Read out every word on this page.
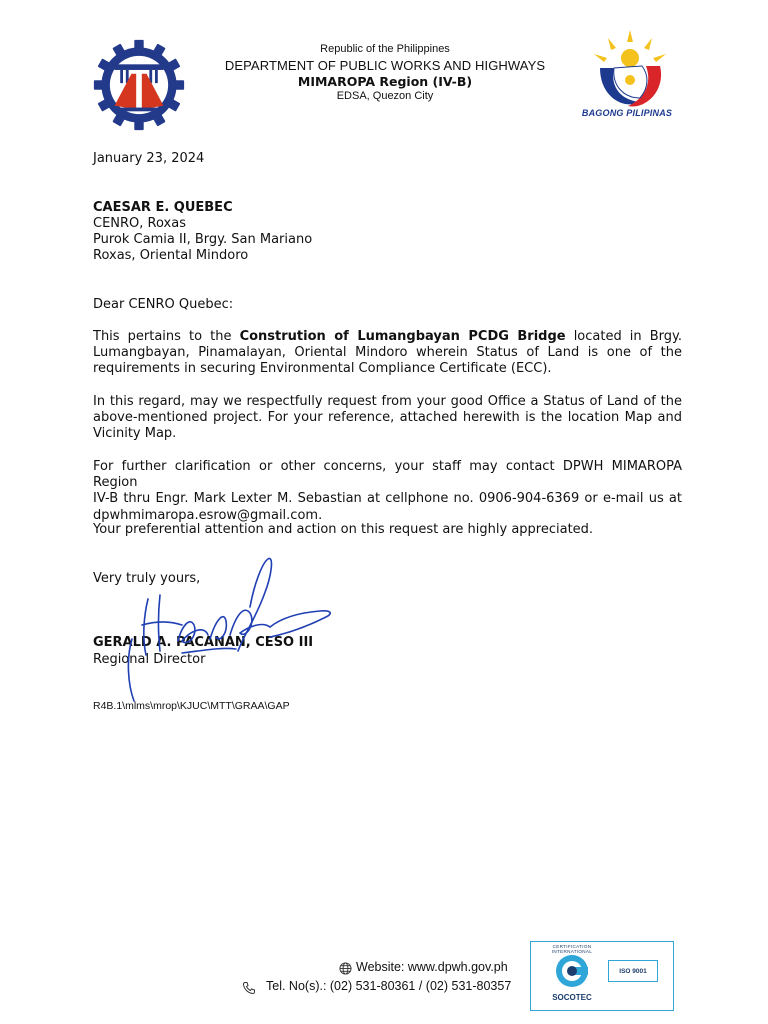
Republic of the Philippines
DEPARTMENT OF PUBLIC WORKS AND HIGHWAYS
MIMAROPA Region (IV-B)
EDSA, Quezon City
BAGONG PILIPINAS
January 23, 2024
CAESAR E. QUEBEC
CENRO, Roxas
Purok Camia II, Brgy. San Mariano
Roxas, Oriental Mindoro
Dear CENRO Quebec:
This pertains to the Constrution of Lumangbayan PCDG Bridge located in Brgy.
Lumangbayan, Pinamalayan, Oriental Mindoro wherein Status of Land is one of the
requirements in securing Environmental Compliance Certificate (ECC).
In this regard, may we respectfully request from your good Office a Status of Land of the
above-mentioned project. For your reference, attached herewith is the location Map and
Vicinity Map.
For further clarification or other concerns, your staff may contact DPWH MIMAROPA Region
IV-B thru Engr. Mark Lexter M. Sebastian at cellphone no. 0906-904-6369 or e-mail us at
dpwhmimaropa.esrow@gmail.com.
Your preferential attention and action on this request are highly appreciated.
Very truly yours,
GERALD A. PACANAN, CESO III
Regional Director
R4B.1\mlms\mrop\KJUC\MTT\GRAA\GAP
Website: www.dpwh.gov.ph
Tel. No(s).: (02) 531-80361 / (02) 531-80357
CERTIFICATION INTERNATIONAL
SOCOTEC
ISO 9001
